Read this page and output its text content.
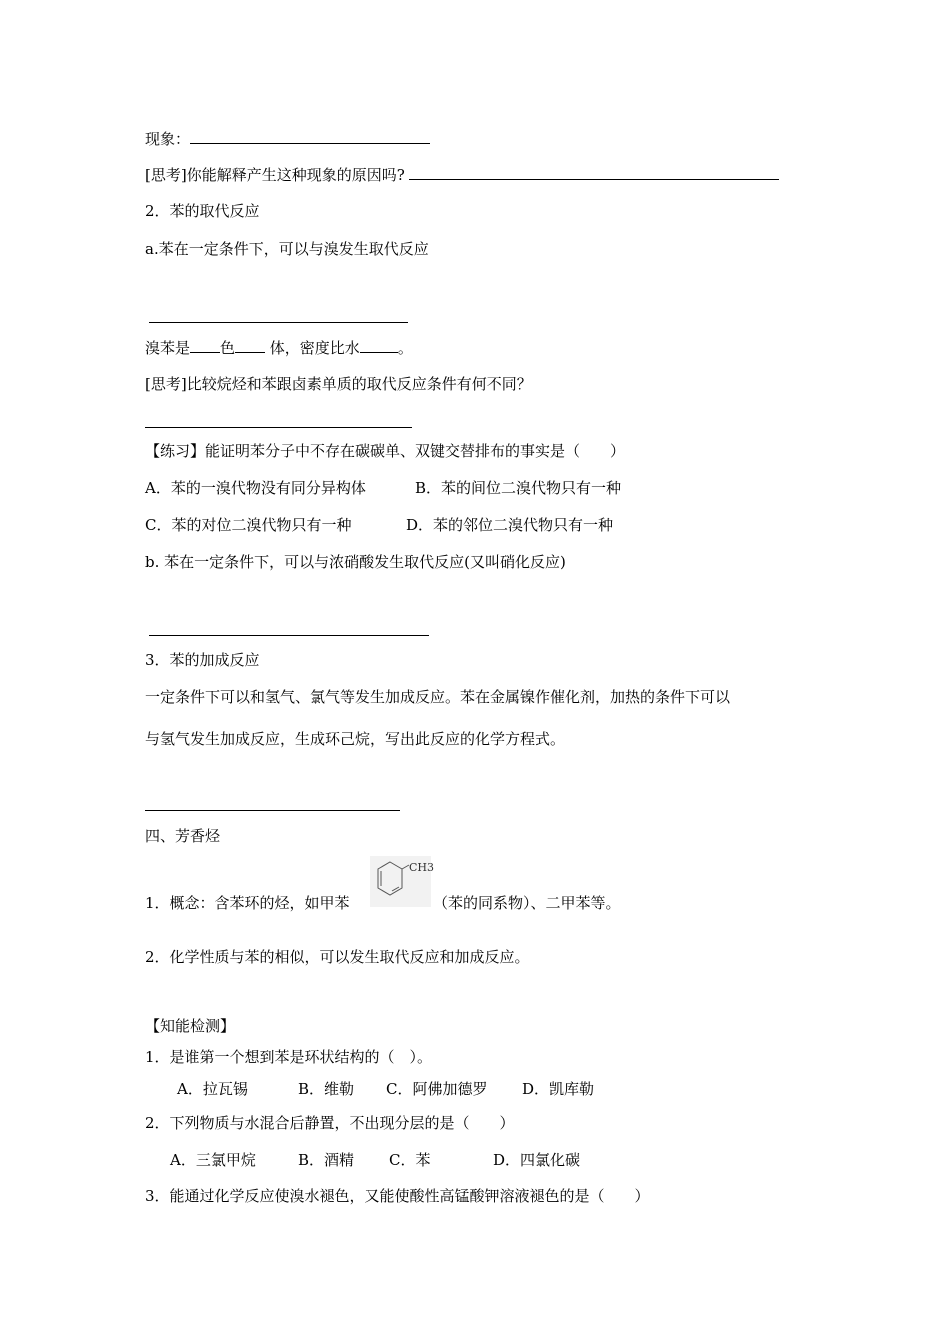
现象：
[思考]你能解释产生这种现象的原因吗?
2．苯的取代反应
a.苯在一定条件下，可以与溴发生取代反应
溴苯是 色 体，密度比水	。
[思考]比较烷烃和苯跟卤素单质的取代反应条件有何不同？
【练习】能证明苯分子中不存在碳碳单、双键交替排布的事实是（　　）
A．苯的一溴代物没有同分异构体	B．苯的间位二溴代物只有一种
C．苯的对位二溴代物只有一种	D．苯的邻位二溴代物只有一种
b. 苯在一定条件下，可以与浓硝酸发生取代反应(又叫硝化反应)
3．苯的加成反应
一定条件下可以和氢气、氯气等发生加成反应。苯在金属镍作催化剂，加热的条件下可以
与氢气发生加成反应，生成环己烷，写出此反应的化学方程式。
四、芳香烃
CH3
1．概念：含苯环的烃，如甲苯	（苯的同系物）、二甲苯等。
2．化学性质与苯的相似，可以发生取代反应和加成反应。
【知能检测】
1．是谁第一个想到苯是环状结构的（　）。
A．拉瓦锡	B．维勒 C．阿佛加德罗 D．凯库勒
2．下列物质与水混合后静置，不出现分层的是（　　）
A．三氯甲烷	B．酒精 C．苯	D．四氯化碳
3．能通过化学反应使溴水褪色，又能使酸性高锰酸钾溶液褪色的是（　　）
